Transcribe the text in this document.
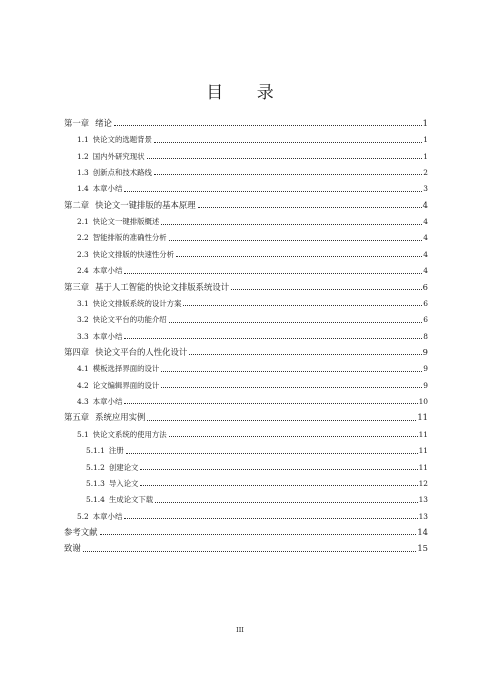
目 录
第一章 绪论	1
1.1 快论文的选题背景	1
1.2 国内外研究现状	1
1.3 创新点和技术路线	2
1.4 本章小结	3
第二章 快论文一键排版的基本原理	4
2.1 快论文一键排版概述	4
2.2 智能排版的准确性分析	4
2.3 快论文排版的快速性分析	4
2.4 本章小结	4
第三章 基于人工智能的快论文排版系统设计	6
3.1 快论文排版系统的设计方案	6
3.2 快论文平台的功能介绍	6
3.3 本章小结	8
第四章 快论文平台的人性化设计	9
4.1 模板选择界面的设计	9
4.2 论文编辑界面的设计	9
4.3 本章小结	10
第五章 系统应用实例	11
5.1 快论文系统的使用方法	11
5.1.1 注册	11
5.1.2 创建论文	11
5.1.3 导入论文	12
5.1.4 生成论文下载	13
5.2 本章小结	13
参考文献	14
致谢	15
III
